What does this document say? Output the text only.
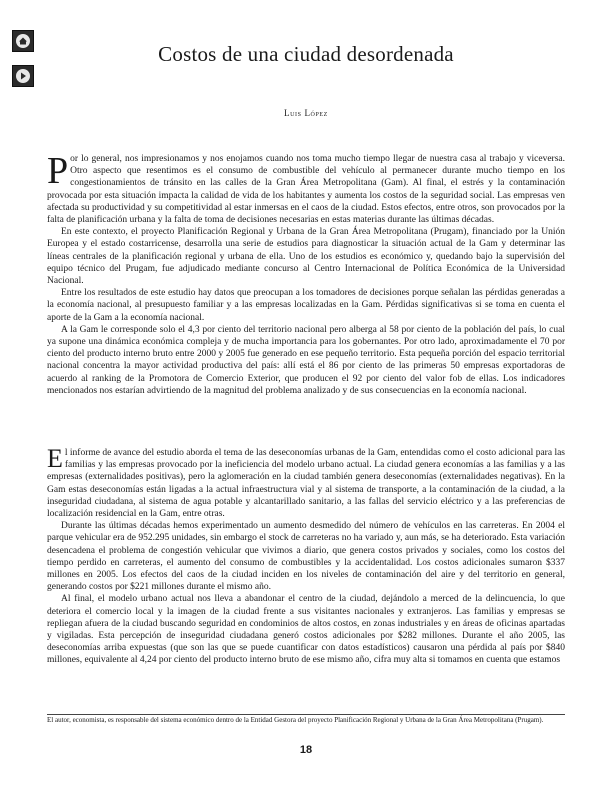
Costos de una ciudad desordenada
Luis López

Por lo general, nos impresionamos y nos enojamos cuando nos toma mucho tiempo llegar de nuestra casa al trabajo y viceversa. Otro aspecto que resentimos es el consumo de combustible del vehículo al permanecer durante mucho tiempo en los congestionamientos de tránsito en las calles de la Gran Área Metropolitana (Gam). Al final, el estrés y la contaminación provocada por esta situación impacta la calidad de vida de los habitantes y aumenta los costos de la seguridad social. Las empresas ven afectada su productividad y su competitividad al estar inmersas en el caos de la ciudad. Estos efectos, entre otros, son provocados por la falta de planificación urbana y la falta de toma de decisiones necesarias en estas materias durante las últimas décadas.

En este contexto, el proyecto Planificación Regional y Urbana de la Gran Área Metropolitana (Prugam), financiado por la Unión Europea y el estado costarricense, desarrolla una serie de estudios para diagnosticar la situación actual de la Gam y determinar las líneas centrales de la planificación regional y urbana de ella. Uno de los estudios es económico y, quedando bajo la supervisión del equipo técnico del Prugam, fue adjudicado mediante concurso al Centro Internacional de Política Económica de la Universidad Nacional.

Entre los resultados de este estudio hay datos que preocupan a los tomadores de decisiones porque señalan las pérdidas generadas a la economía nacional, al presupuesto familiar y a las empresas localizadas en la Gam. Pérdidas significativas si se toma en cuenta el aporte de la Gam a la economía nacional.

A la Gam le corresponde solo el 4,3 por ciento del territorio nacional pero alberga al 58 por ciento de la población del país, lo cual ya supone una dinámica económica compleja y de mucha importancia para los gobernantes. Por otro lado, aproximadamente el 70 por ciento del producto interno bruto entre 2000 y 2005 fue generado en ese pequeño territorio. Esta pequeña porción del espacio territorial nacional concentra la mayor actividad productiva del país: allí está el 86 por ciento de las primeras 50 empresas exportadoras de acuerdo al ranking de la Promotora de Comercio Exterior, que producen el 92 por ciento del valor fob de ellas. Los indicadores mencionados nos estarían advirtiendo de la magnitud del problema analizado y de sus consecuencias en la economía nacional.

El informe de avance del estudio aborda el tema de las deseconomías urbanas de la Gam, entendidas como el costo adicional para las familias y las empresas provocado por la ineficiencia del modelo urbano actual. La ciudad genera economías a las familias y a las empresas (externalidades positivas), pero la aglomeración en la ciudad también genera deseconomías (externalidades negativas). En la Gam estas deseconomías están ligadas a la actual infraestructura vial y al sistema de transporte, a la contaminación de la ciudad, a la inseguridad ciudadana, al sistema de agua potable y alcantarillado sanitario, a las fallas del servicio eléctrico y a las preferencias de localización residencial en la Gam, entre otras.

Durante las últimas décadas hemos experimentado un aumento desmedido del número de vehículos en las carreteras. En 2004 el parque vehicular era de 952.295 unidades, sin embargo el stock de carreteras no ha variado y, aun más, se ha deteriorado. Esta variación desencadena el problema de congestión vehicular que vivimos a diario, que genera costos privados y sociales, como los costos del tiempo perdido en carreteras, el aumento del consumo de combustibles y la accidentalidad. Los costos adicionales sumaron $337 millones en 2005. Los efectos del caos de la ciudad inciden en los niveles de contaminación del aire y del territorio en general, generando costos por $221 millones durante el mismo año.

Al final, el modelo urbano actual nos lleva a abandonar el centro de la ciudad, dejándolo a merced de la delincuencia, lo que deteriora el comercio local y la imagen de la ciudad frente a sus visitantes nacionales y extranjeros. Las familias y empresas se repliegan afuera de la ciudad buscando seguridad en condominios de altos costos, en zonas industriales y en áreas de oficinas apartadas y vigiladas. Esta percepción de inseguridad ciudadana generó costos adicionales por $282 millones. Durante el año 2005, las deseconomías arriba expuestas (que son las que se puede cuantificar con datos estadísticos) causaron una pérdida al país por $840 millones, equivalente al 4,24 por ciento del producto interno bruto de ese mismo año, cifra muy alta si tomamos en cuenta que estamos

El autor, economista, es responsable del sistema económico dentro de la Entidad Gestora del proyecto Planificación Regional y Urbana de la Gran Área Metropolitana (Prugam).
18
